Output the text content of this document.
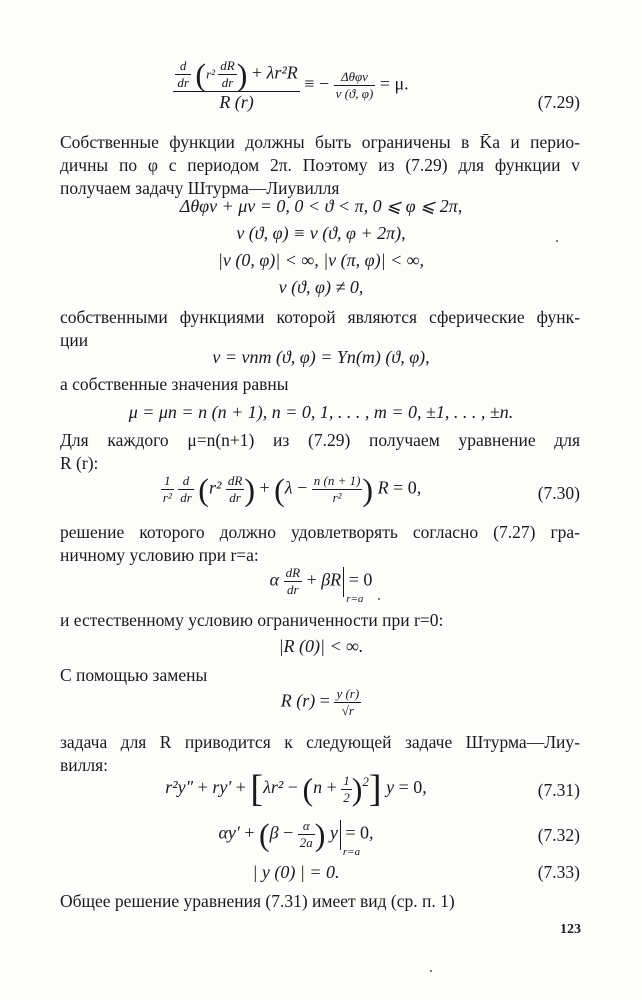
$\frac{\frac{d}{dr} (r^2 \frac{dR}{dr} ) + \lambda r^2R}{R (r)}$ ≡ − $\frac{\text{Δθφv}}{v (ϑ, \varphi)} = \mu$.
(7.29)
Собственные функции должны быть ограничены в K̄a и перио-
дичны по φ с периодом 2π. Поэтому из (7.29) для функции v
получаем задачу Штурма—Лиувилля
Δθφv + μv = 0, 0 < ϑ < π, 0 ⩽ φ ⩽ 2π,
v (ϑ, φ) ≡ v (ϑ, φ + 2π),
|v (0, φ)| < ∞, |v (π, φ)| < ∞,
v (ϑ, φ) ≠ 0,
собственными функциями которой являются сферические функ-
ции
v = vnm (ϑ, φ) = Yn(m) (ϑ, φ),
а собственные значения равны
μ = μn = n (n + 1), n = 0, 1, . . . , m = 0, ±1, . . . , ±n.
Для каждого μ=n(n+1) из (7.29) получаем уравнение для
R (r):
$\frac{1}{\text{r²}}$
$\frac{d}{dr} (r^2 \frac{dR}{dr}$ ) + ($\lambda - \frac{n (n + 1)}{\text{r²}}$ ) R = 0,	(7.30)
решение которого должно удовлетворять согласно (7.27) гра-
ничному условию при r=a:
α $\frac{dR}{dr} + \beta R$
r=a
= 0
и естественному условию ограниченности при r=0:
|R (0)| < ∞.
С помощью замены
R $(r) = \frac{y (r)}{√r}$
задача для R приводится к следующей задаче Штурма—Лиу-
вилля:
$r^2y'' + ry' + [\lambda r^2 - (n + \frac{1}{2} )^2]$ y = 0,	(7.31)
$\alpha y' + (\beta - \frac{\alpha}{2a}$ ) y
r=a
= 0,	(7.32)
| y (0) | = 0.	(7.33)
Общее решение уравнения (7.31) имеет вид (ср. п. 1)
123
